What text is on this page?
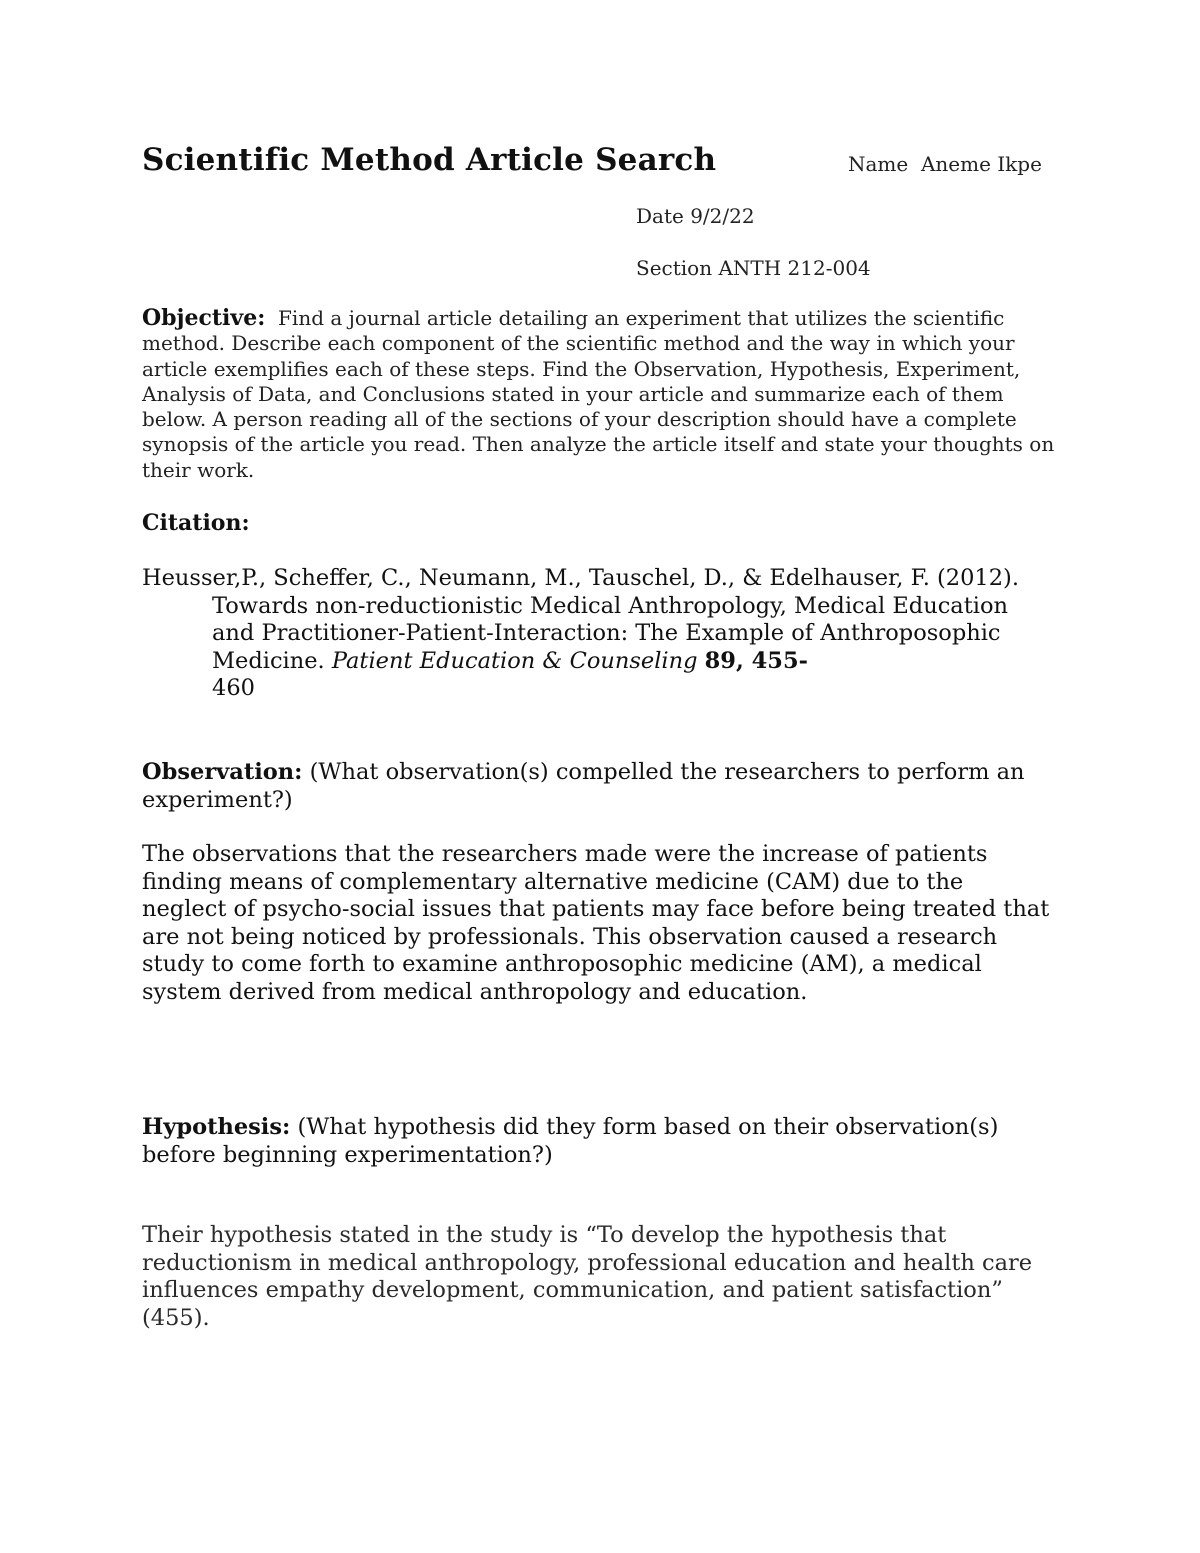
Scientific Method Article Search	Name Aneme Ikpe
Date 9/2/22
Section ANTH 212-004
Objective: Find a journal article detailing an experiment that utilizes the scientific method. Describe each component of the scientific method and the way in which your article exemplifies each of these steps. Find the Observation, Hypothesis, Experiment, Analysis of Data, and Conclusions stated in your article and summarize each of them below. A person reading all of the sections of your description should have a complete synopsis of the article you read. Then analyze the article itself and state your thoughts on their work.
Citation:
Heusser,P., Scheffer, C., Neumann, M., Tauschel, D., & Edelhauser, F. (2012). Towards non-reductionistic Medical Anthropology, Medical Education and Practitioner-Patient-Interaction: The Example of Anthroposophic Medicine. Patient Education & Counseling 89, 455-
460
Observation: (What observation(s) compelled the researchers to perform an experiment?)
The observations that the researchers made were the increase of patients finding means of complementary alternative medicine (CAM) due to the neglect of psycho-social issues that patients may face before being treated that are not being noticed by professionals. This observation caused a research study to come forth to examine anthroposophic medicine (AM), a medical system derived from medical anthropology and education.
Hypothesis: (What hypothesis did they form based on their observation(s) before beginning experimentation?)
Their hypothesis stated in the study is “To develop the hypothesis that reductionism in medical anthropology, professional education and health care influences empathy development, communication, and patient satisfaction” (455).
